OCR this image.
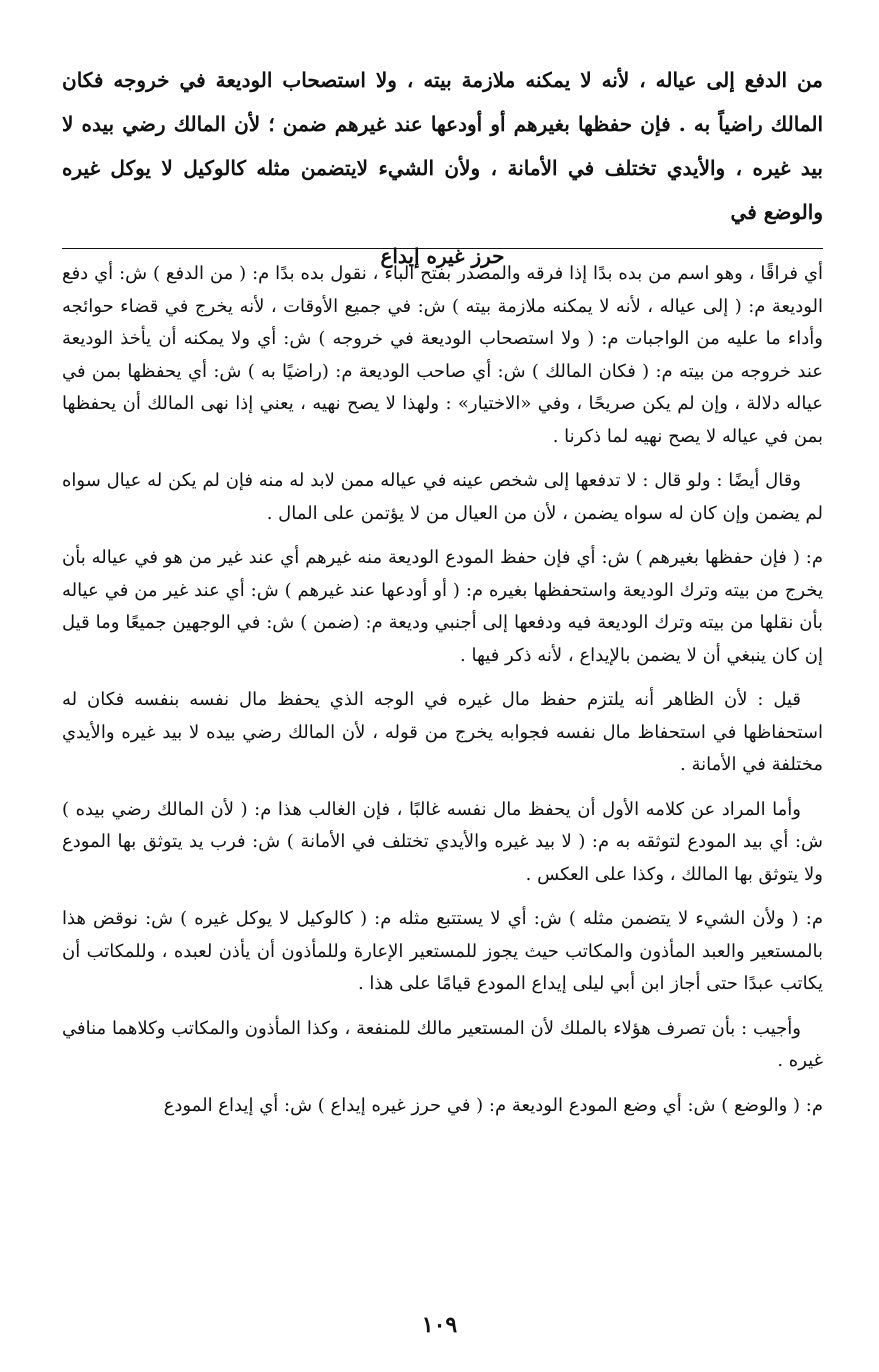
من الدفع إلى عياله ، لأنه لا يمكنه ملازمة بيته ، ولا استصحاب الوديعة في خروجه فكان المالك راضياً به . فإن حفظها بغيرهم أو أودعها عند غيرهم ضمن ؛ لأن المالك رضي بيده لا بيد غيره ، والأيدي تختلف في الأمانة ، ولأن الشيء لايتضمن مثله كالوكيل لا يوكل غيره والوضع في
حرز غيره إيداع

أي فراقًا ، وهو اسم من بده بدًا إذا فرقه والمصدر بفتح الباء ، نقول بده بدًا م: ( من الدفع ) ش: أي دفع الوديعة م: ( إلى عياله ، لأنه لا يمكنه ملازمة بيته ) ش: في جميع الأوقات ، لأنه يخرج في قضاء حوائجه وأداء ما عليه من الواجبات م: ( ولا استصحاب الوديعة في خروجه ) ش: أي ولا يمكنه أن يأخذ الوديعة عند خروجه من بيته م: ( فكان المالك ) ش: أي صاحب الوديعة م: (راضيًا به ) ش: أي يحفظها بمن في عياله دلالة ، وإن لم يكن صريحًا ، وفي «الاختيار» : ولهذا لا يصح نهيه ، يعني إذا نهى المالك أن يحفظها بمن في عياله لا يصح نهيه لما ذكرنا .

وقال أيضًا : ولو قال : لا تدفعها إلى شخص عينه في عياله ممن لابد له منه فإن لم يكن له عيال سواه لم يضمن وإن كان له سواه يضمن ، لأن من العيال من لا يؤتمن على المال .

م: ( فإن حفظها بغيرهم ) ش: أي فإن حفظ المودع الوديعة منه غيرهم أي عند غير من هو في عياله بأن يخرج من بيته وترك الوديعة واستحفظها بغيره م: ( أو أودعها عند غيرهم ) ش: أي عند غير من في عياله بأن نقلها من بيته وترك الوديعة فيه ودفعها إلى أجنبي وديعة م: (ضمن ) ش: في الوجهين جميعًا وما قيل إن كان ينبغي أن لا يضمن بالإيداع ، لأنه ذكر فيها .

قيل : لأن الظاهر أنه يلتزم حفظ مال غيره في الوجه الذي يحفظ مال نفسه بنفسه فكان له استحفاظها في استحفاظ مال نفسه فجوابه يخرج من قوله ، لأن المالك رضي بيده لا بيد غيره والأيدي مختلفة في الأمانة .

وأما المراد عن كلامه الأول أن يحفظ مال نفسه غالبًا ، فإن الغالب هذا م: ( لأن المالك رضي بيده ) ش: أي بيد المودع لتوثقه به م: ( لا بيد غيره والأيدي تختلف في الأمانة ) ش: فرب يد يتوثق بها المودع ولا يتوثق بها المالك ، وكذا على العكس .

م: ( ولأن الشيء لا يتضمن مثله ) ش: أي لا يستتبع مثله م: ( كالوكيل لا يوكل غيره ) ش: نوقض هذا بالمستعير والعبد المأذون والمكاتب حيث يجوز للمستعير الإعارة وللمأذون أن يأذن لعبده ، وللمكاتب أن يكاتب عبدًا حتى أجاز ابن أبي ليلى إيداع المودع قيامًا على هذا .

وأجيب : بأن تصرف هؤلاء بالملك لأن المستعير مالك للمنفعة ، وكذا المأذون والمكاتب وكلاهما منافي غيره .

م: ( والوضع ) ش: أي وضع المودع الوديعة م: ( في حرز غيره إيداع ) ش: أي إيداع المودع

١٠٩
